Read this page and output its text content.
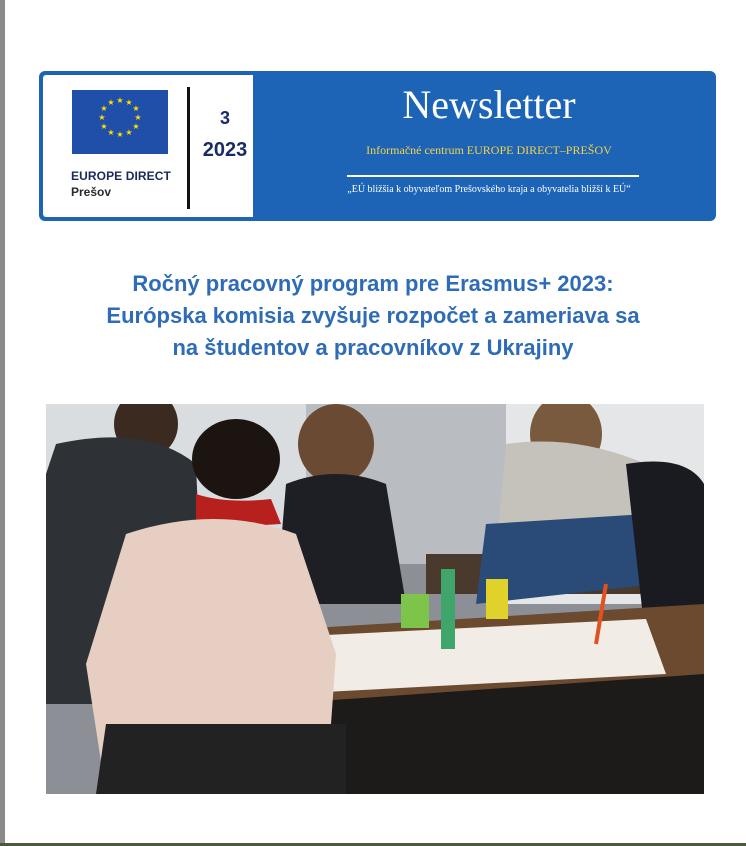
★ ★
★
★
★
★
★
★
★
★
★
★
EUROPE DIRECT
Prešov
3
2023
Newsletter
Informačné centrum EUROPE DIRECT–PREŠOV
„EÚ bližšia k obyvateľom Prešovského kraja a obyvatelia bližší k EÚ“
Ročný pracovný program pre Erasmus+ 2023:
Európska komisia zvyšuje rozpočet a zameriava sa
na študentov a pracovníkov z Ukrajiny
